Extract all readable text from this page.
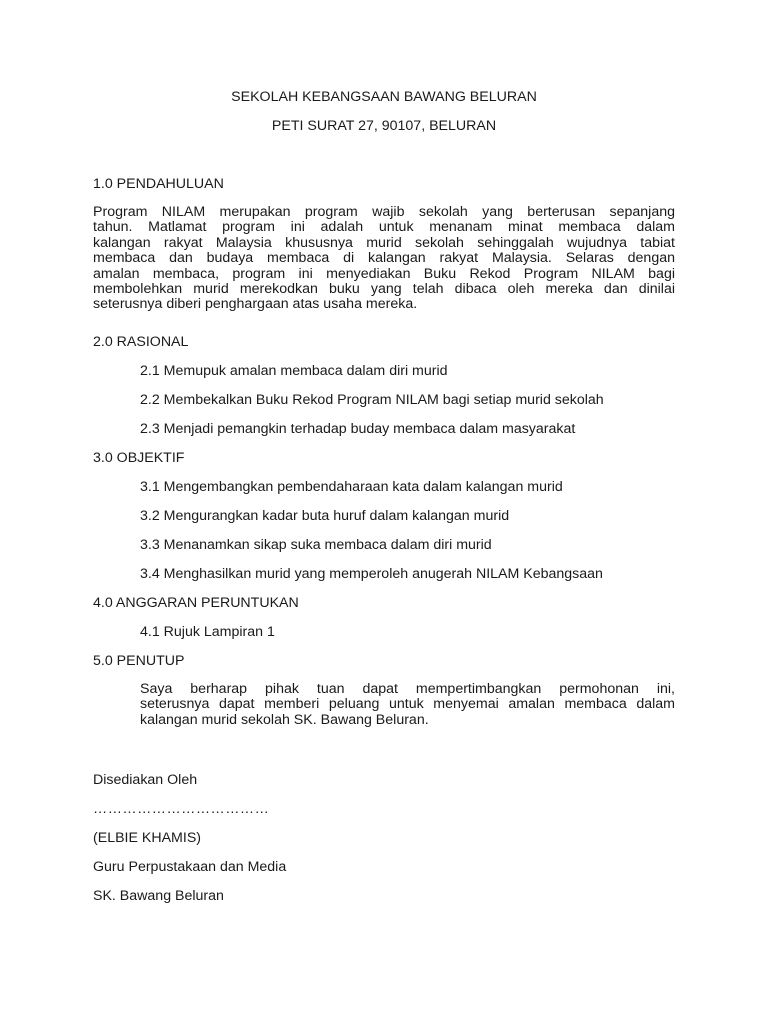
SEKOLAH KEBANGSAAN BAWANG BELURAN
PETI SURAT 27, 90107, BELURAN
1.0 PENDAHULUAN
Program NILAM merupakan program wajib sekolah yang berterusan sepanjang
tahun. Matlamat program ini adalah untuk menanam minat membaca dalam
kalangan rakyat Malaysia khususnya murid sekolah sehinggalah wujudnya tabiat
membaca dan budaya membaca di kalangan rakyat Malaysia. Selaras dengan
amalan membaca, program ini menyediakan Buku Rekod Program NILAM bagi
membolehkan murid merekodkan buku yang telah dibaca oleh mereka dan dinilai
seterusnya diberi penghargaan atas usaha mereka.
2.0 RASIONAL
2.1 Memupuk amalan membaca dalam diri murid
2.2 Membekalkan Buku Rekod Program NILAM bagi setiap murid sekolah
2.3 Menjadi pemangkin terhadap buday membaca dalam masyarakat
3.0 OBJEKTIF
3.1 Mengembangkan pembendaharaan kata dalam kalangan murid
3.2 Mengurangkan kadar buta huruf dalam kalangan murid
3.3 Menanamkan sikap suka membaca dalam diri murid
3.4 Menghasilkan murid yang memperoleh anugerah NILAM Kebangsaan
4.0 ANGGARAN PERUNTUKAN
4.1 Rujuk Lampiran 1
5.0 PENUTUP
Saya berharap pihak tuan dapat mempertimbangkan permohonan ini,
seterusnya dapat memberi peluang untuk menyemai amalan membaca dalam
kalangan murid sekolah SK. Bawang Beluran.
Disediakan Oleh
………………………………
(ELBIE KHAMIS)
Guru Perpustakaan dan Media
SK. Bawang Beluran
